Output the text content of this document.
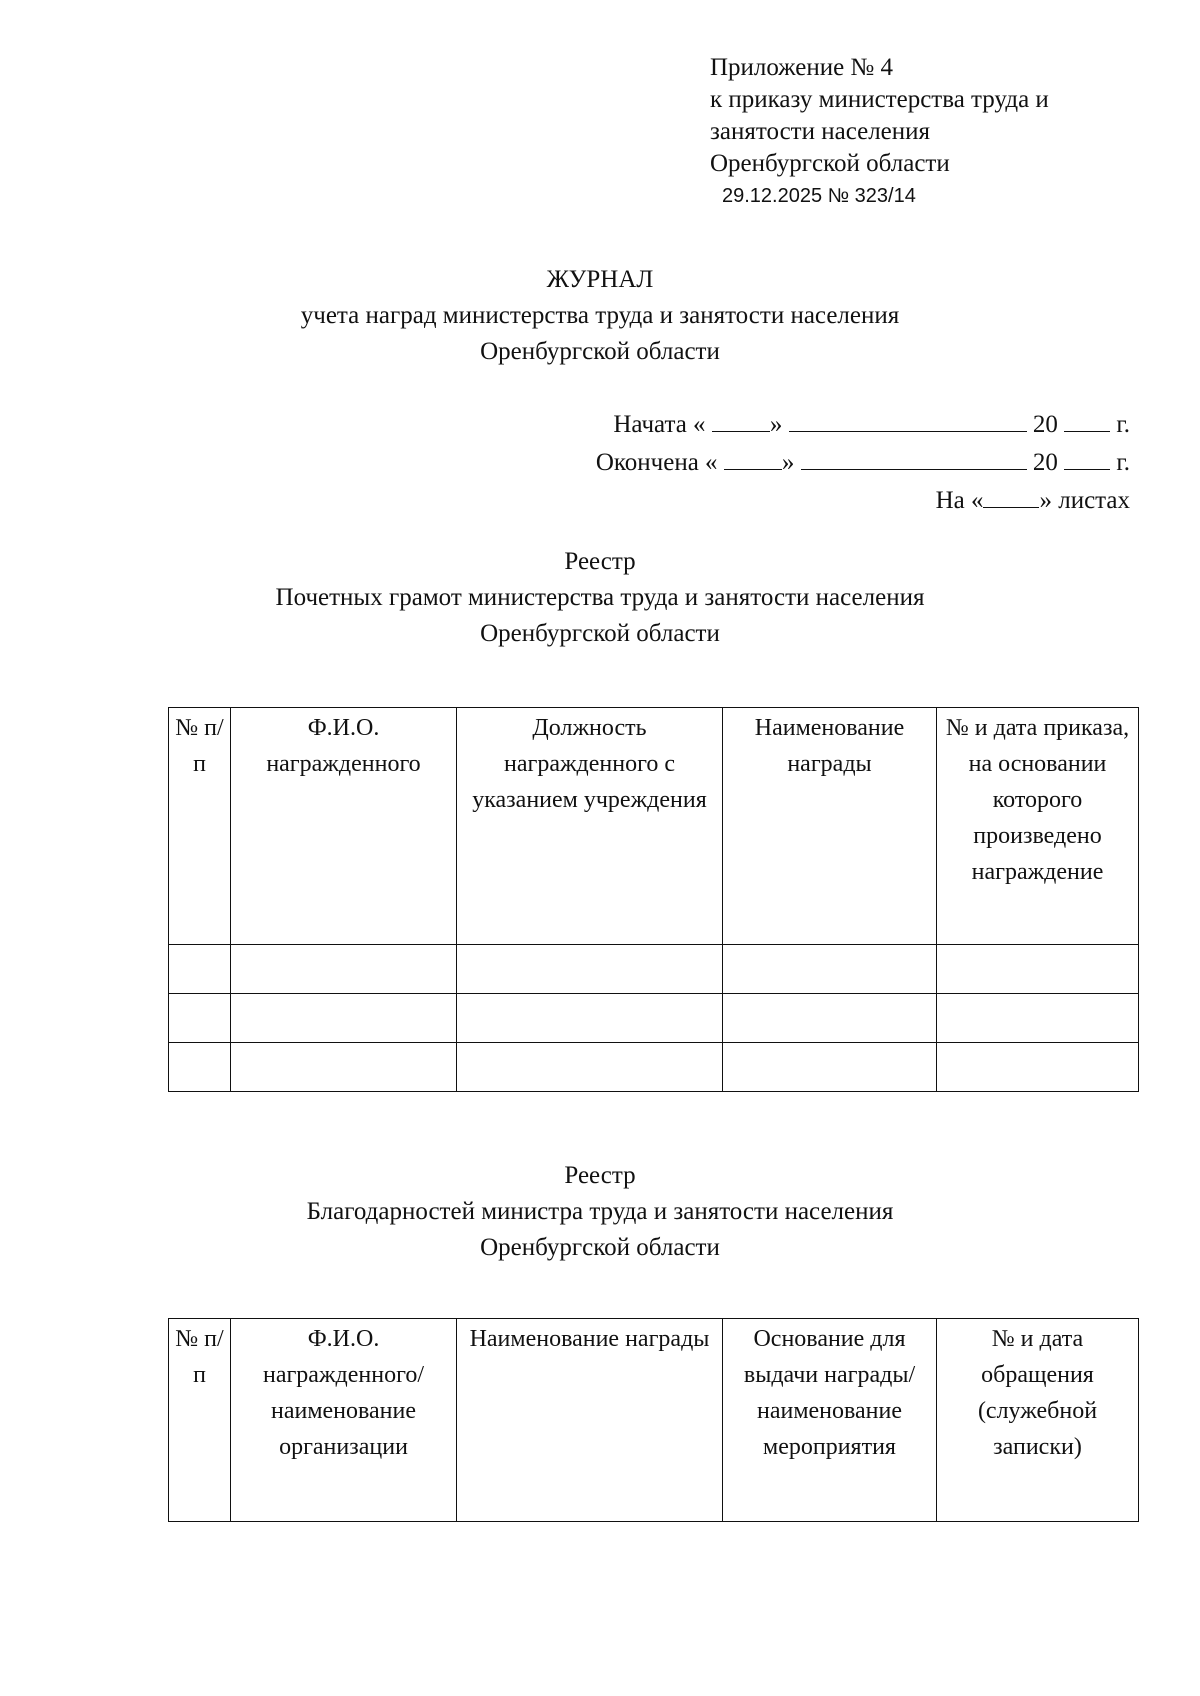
Приложение № 4
к приказу министерства труда и
занятости населения
Оренбургской области
29.12.2025 № 323/14
ЖУРНАЛ
учета наград министерства труда и занятости населения
Оренбургской области
Начата «	»	20 г.
Окончена «	»	20 г.
На « » листах
Реестр
Почетных грамот министерства труда и занятости населения
Оренбургской области
№ п/п	Ф.И.О. награжденного	Должность награжденного с указанием учреждения	Наименование награды	№ и дата приказа, на основании которого произведено награждение

Реестр
Благодарностей министра труда и занятости населения
Оренбургской области
№ п/п	Ф.И.О. награжденного/ наименование организации	Наименование награды	Основание для выдачи награды/ наименование мероприятия	№ и дата обращения (служебной записки)
